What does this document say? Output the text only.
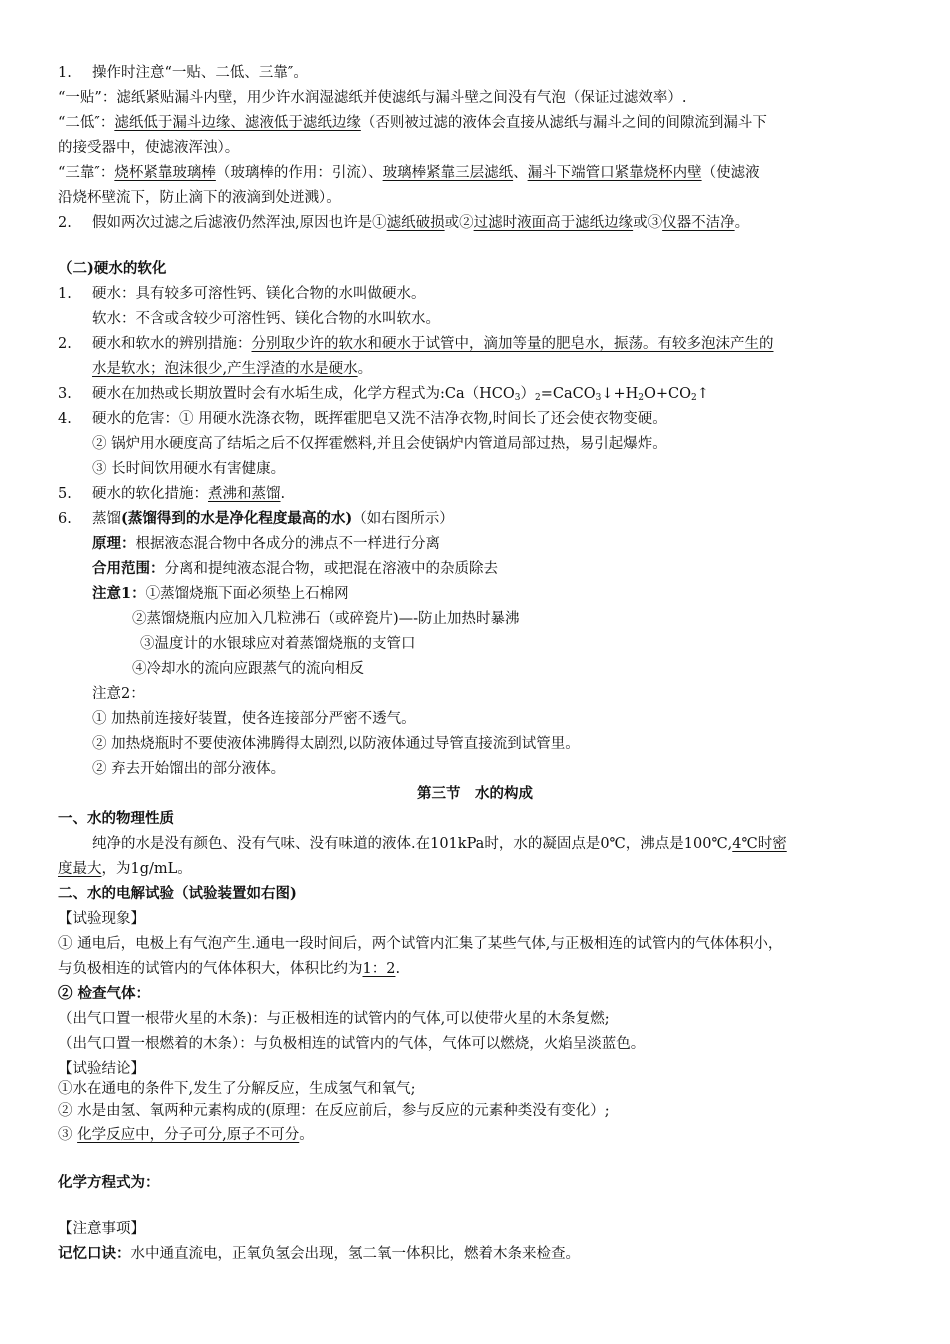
1. 操作时注意“一贴、二低、三靠″。
“一贴”：滤纸紧贴漏斗内壁，用少许水润湿滤纸并使滤纸与漏斗壁之间没有气泡（保证过滤效率）.
“二低″：滤纸低于漏斗边缘、滤液低于滤纸边缘（否则被过滤的液体会直接从滤纸与漏斗之间的间隙流到漏斗下
的接受器中，使滤液浑浊）。
“三靠″：烧杯紧靠玻璃棒（玻璃棒的作用：引流）、玻璃棒紧靠三层滤纸、漏斗下端管口紧靠烧杯内壁（使滤液
沿烧杯壁流下，防止滴下的液滴到处迸溅）。
2. 假如两次过滤之后滤液仍然浑浊,原因也许是①滤纸破损或②过滤时液面高于滤纸边缘或③仪器不洁净。
（二)硬水的软化
1. 硬水：具有较多可溶性钙、镁化合物的水叫做硬水。
软水：不含或含较少可溶性钙、镁化合物的水叫软水。
2. 硬水和软水的辨别措施：分别取少许的软水和硬水于试管中，滴加等量的肥皂水，振荡。有较多泡沫产生的
水是软水；泡沫很少,产生浮渣的水是硬水。
3. 硬水在加热或长期放置时会有水垢生成，化学方程式为$:Ca(HCO_3)_2=CaCO_3↓+H_2O+CO_2↑$
4. 硬水的危害：① 用硬水洗涤衣物，既挥霍肥皂又洗不洁净衣物,时间长了还会使衣物变硬。
② 锅炉用水硬度高了结垢之后不仅挥霍燃料,并且会使锅炉内管道局部过热，易引起爆炸。
③ 长时间饮用硬水有害健康。
5. 硬水的软化措施：煮沸和蒸馏.
6. 蒸馏(蒸馏得到的水是净化程度最高的水)（如右图所示）
原理：根据液态混合物中各成分的沸点不一样进行分离
合用范围：分离和提纯液态混合物，或把混在溶液中的杂质除去
注意1：①蒸馏烧瓶下面必须垫上石棉网
②蒸馏烧瓶内应加入几粒沸石（或碎瓷片)—-防止加热时暴沸
③温度计的水银球应对着蒸馏烧瓶的支管口
④冷却水的流向应跟蒸气的流向相反
注意2：
① 加热前连接好装置，使各连接部分严密不透气。
② 加热烧瓶时不要使液体沸腾得太剧烈,以防液体通过导管直接流到试管里。
② 弃去开始馏出的部分液体。
第三节　水的构成
一、水的物理性质
纯净的水是没有颜色、没有气味、没有味道的液体.在101kPa时，水的凝固点是0℃，沸点是100℃,4℃时密
度最大，为1g/mL。
二、水的电解试验（试验装置如右图)
【试验现象】
① 通电后，电极上有气泡产生.通电一段时间后，两个试管内汇集了某些气体,与正极相连的试管内的气体体积小，
与负极相连的试管内的气体体积大，体积比约为1：2.
② 检查气体：
（出气口置一根带火星的木条)：与正极相连的试管内的气体,可以使带火星的木条复燃;
（出气口置一根燃着的木条）：与负极相连的试管内的气体，气体可以燃烧，火焰呈淡蓝色。
【试验结论】
①水在通电的条件下,发生了分解反应，生成氢气和氧气;
② 水是由氢、氧两种元素构成的(原理：在反应前后，参与反应的元素种类没有变化）;
③ 化学反应中，分子可分,原子不可分。
化学方程式为：
【注意事项】
记忆口诀：水中通直流电，正氧负氢会出现，氢二氧一体积比，燃着木条来检查。
